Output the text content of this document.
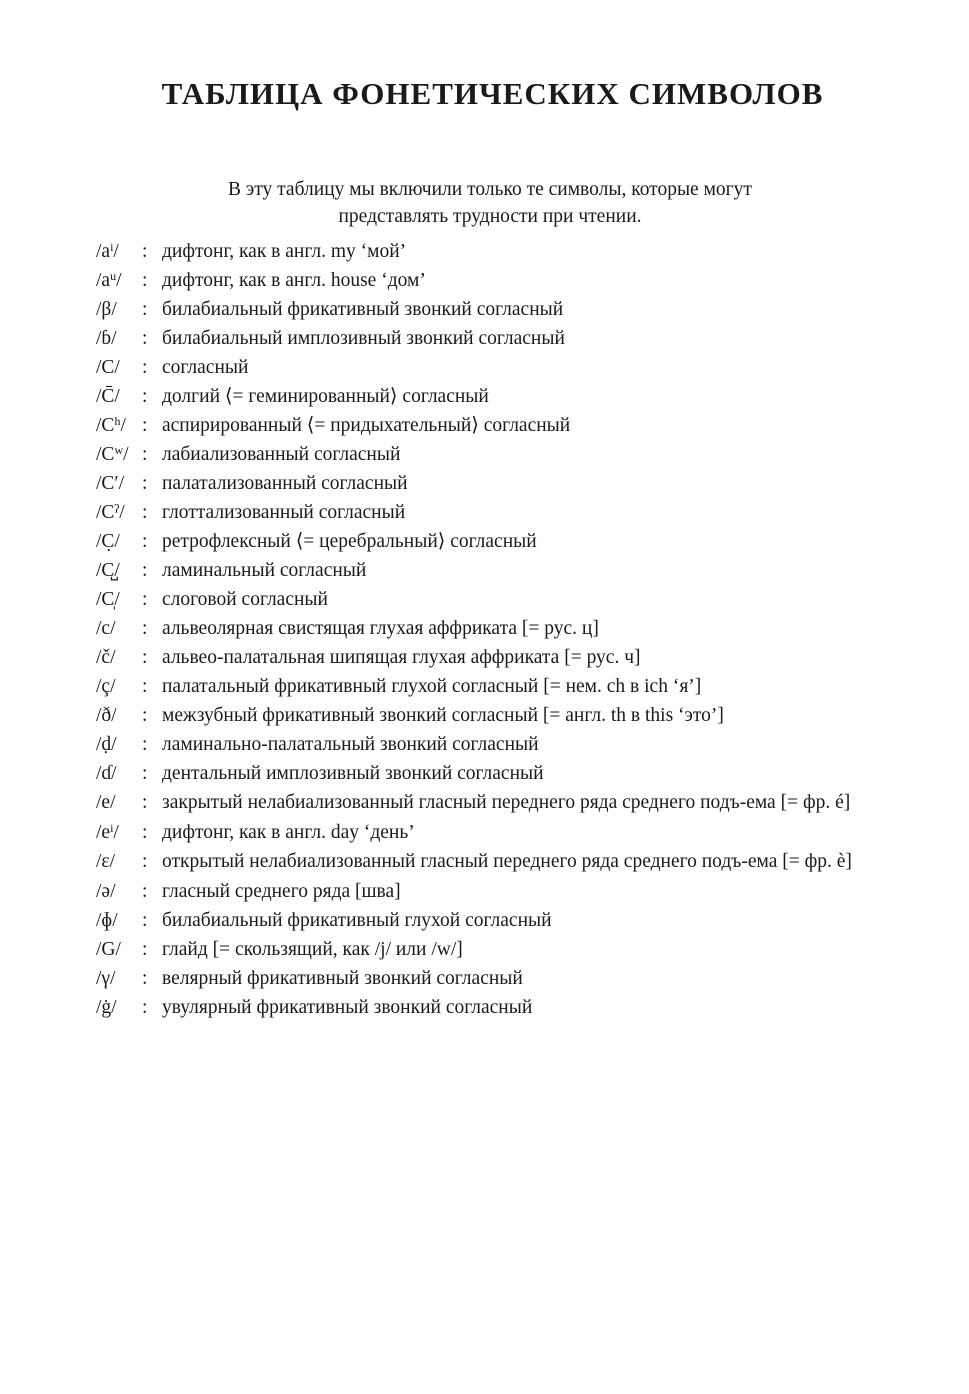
ТАБЛИЦА ФОНЕТИЧЕСКИХ СИМВОЛОВ
В эту таблицу мы включили только те символы, которые могут
представлять трудности при чтении.
$/a^i/$	: дифтонг, как в англ. my ‘мой’
$/a^u/$	: дифтонг, как в англ. house ‘дом’
/β/	: билабиальный фрикативный звонкий согласный
/ɓ/	: билабиальный имплозивный звонкий согласный
/C/	: согласный
/C̄/	: долгий ⟨= геминированный⟩ согласный
$/C^h/$ : аспирированный ⟨= придыхательный⟩ согласный
$/C^w/$ : лабиализованный согласный
/C′/ : палатализованный согласный
/Cˀ/ : глоттализованный согласный
/C̣/	: ретрофлексный ⟨= церебральный⟩ согласный
/C̺/	: ламинальный согласный
/C̩/	: слоговой согласный
/c/	: альвеолярная свистящая глухая аффриката [= рус. ц]
/č/	: альвео-палатальная шипящая глухая аффриката [= рус. ч]
/ç/	: палатальный фрикативный глухой согласный [= нем. ch в ich ‘я’]
/ð/	: межзубный фрикативный звонкий согласный [= англ. th в this ‘это’]
/ḍ/	: ламинально-палатальный звонкий согласный
/ɗ/	: дентальный имплозивный звонкий согласный
/e/	: закрытый нелабиализованный гласный переднего ряда среднего подъ-ема [= фр. é]
$/e^i/$	: дифтонг, как в англ. day ‘день’
/ɛ/	: открытый нелабиализованный гласный переднего ряда среднего подъ-ема [= фр. è]
/ə/	: гласный среднего ряда [шва]
/ɸ/	: билабиальный фрикативный глухой согласный
/G/	: глайд [= скользящий, как /j/ или /w/]
/γ/	: велярный фрикативный звонкий согласный
/ġ/	: увулярный фрикативный звонкий согласный
